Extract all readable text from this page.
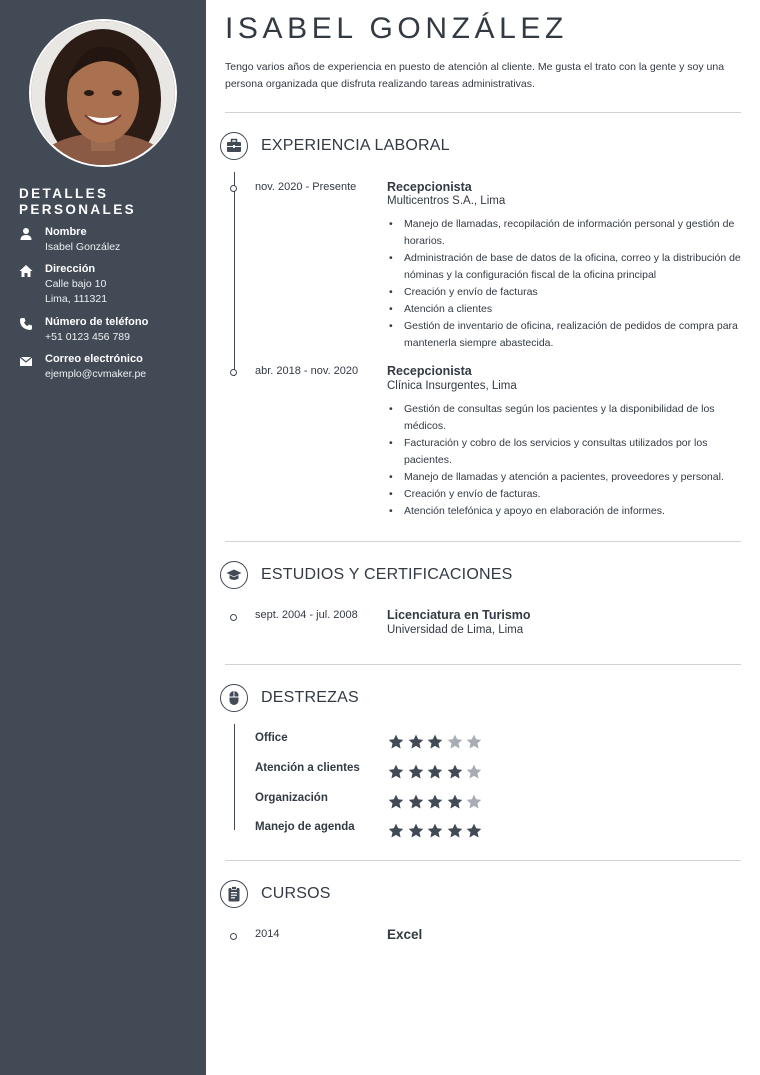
DETALLES PERSONALES
Nombre
Isabel González
Dirección
Calle bajo 10
Lima, 111321
Número de teléfono
+51 0123 456 789
Correo electrónico
ejemplo@cvmaker.pe
ISABEL GONZÁLEZ
Tengo varios años de experiencia en puesto de atención al cliente. Me gusta el trato con la gente y soy una persona organizada que disfruta realizando tareas administrativas.
EXPERIENCIA LABORAL
nov. 2020 - Presente Recepcionista
Multicentros S.A., Lima
• Manejo de llamadas, recopilación de información personal y gestión de horarios.
• Administración de base de datos de la oficina, correo y la distribución de nóminas y la configuración fiscal de la oficina principal
• Creación y envío de facturas
• Atención a clientes
• Gestión de inventario de oficina, realización de pedidos de compra para mantenerla siempre abastecida.
abr. 2018 - nov. 2020 Recepcionista
Clínica Insurgentes, Lima
• Gestión de consultas según los pacientes y la disponibilidad de los médicos.
• Facturación y cobro de los servicios y consultas utilizados por los pacientes.
• Manejo de llamadas y atención a pacientes, proveedores y personal.
• Creación y envío de facturas.
• Atención telefónica y apoyo en elaboración de informes.
ESTUDIOS Y CERTIFICACIONES
sept. 2004 - jul. 2008 Licenciatura en Turismo
Universidad de Lima, Lima
DESTREZAS
Office
Atención a clientes
Organización
Manejo de agenda
CURSOS
2014	Excel
